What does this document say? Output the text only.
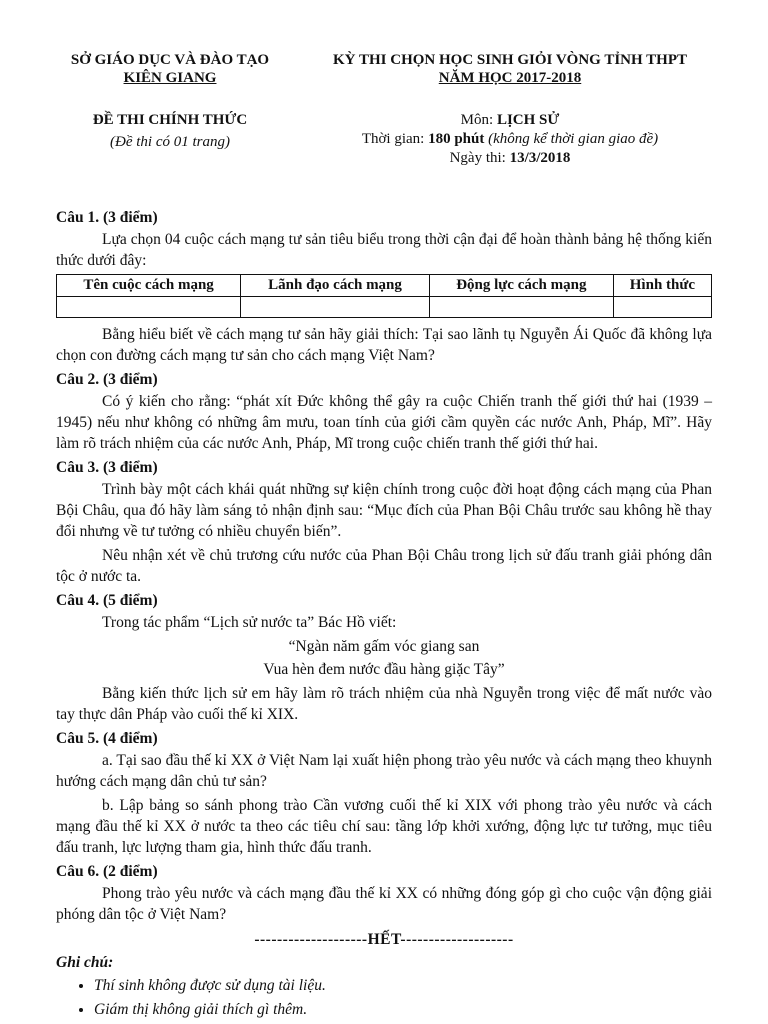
SỞ GIÁO DỤC VÀ ĐÀO TẠO
KIÊN GIANG
ĐỀ THI CHÍNH THỨC
(Đề thi có 01 trang)
KỲ THI CHỌN HỌC SINH GIỎI VÒNG TỈNH THPT
NĂM HỌC 2017-2018
Môn: LỊCH SỬ
Thời gian: 180 phút (không kể thời gian giao đề)
Ngày thi: 13/3/2018
Câu 1. (3 điểm)
Lựa chọn 04 cuộc cách mạng tư sản tiêu biểu trong thời cận đại để hoàn thành bảng hệ thống kiến thức dưới đây:
Tên cuộc cách mạng	Lãnh đạo cách mạng	Động lực cách mạng	Hình thức

Bằng hiểu biết về cách mạng tư sản hãy giải thích: Tại sao lãnh tụ Nguyễn Ái Quốc đã không lựa chọn con đường cách mạng tư sản cho cách mạng Việt Nam?
Câu 2. (3 điểm)
Có ý kiến cho rằng: “phát xít Đức không thể gây ra cuộc Chiến tranh thế giới thứ hai (1939 – 1945) nếu như không có những âm mưu, toan tính của giới cầm quyền các nước Anh, Pháp, Mĩ”. Hãy làm rõ trách nhiệm của các nước Anh, Pháp, Mĩ trong cuộc chiến tranh thế giới thứ hai.
Câu 3. (3 điểm)
Trình bày một cách khái quát những sự kiện chính trong cuộc đời hoạt động cách mạng của Phan Bội Châu, qua đó hãy làm sáng tỏ nhận định sau: “Mục đích của Phan Bội Châu trước sau không hề thay đổi nhưng về tư tưởng có nhiều chuyển biến”.
Nêu nhận xét về chủ trương cứu nước của Phan Bội Châu trong lịch sử đấu tranh giải phóng dân tộc ở nước ta.
Câu 4. (5 điểm)
Trong tác phẩm “Lịch sử nước ta” Bác Hồ viết:
“Ngàn năm gấm vóc giang san
Vua hèn đem nước đầu hàng giặc Tây”
Bằng kiến thức lịch sử em hãy làm rõ trách nhiệm của nhà Nguyễn trong việc để mất nước vào tay thực dân Pháp vào cuối thế kỉ XIX.
Câu 5. (4 điểm)
a. Tại sao đầu thế kỉ XX ở Việt Nam lại xuất hiện phong trào yêu nước và cách mạng theo khuynh hướng cách mạng dân chủ tư sản?
b. Lập bảng so sánh phong trào Cần vương cuối thế kỉ XIX với phong trào yêu nước và cách mạng đầu thế kỉ XX ở nước ta theo các tiêu chí sau: tầng lớp khởi xướng, động lực tư tưởng, mục tiêu đấu tranh, lực lượng tham gia, hình thức đấu tranh.
Câu 6. (2 điểm)
Phong trào yêu nước và cách mạng đầu thế kỉ XX có những đóng góp gì cho cuộc vận động giải phóng dân tộc ở Việt Nam?
--------------------HẾT--------------------
Ghi chú:
• Thí sinh không được sử dụng tài liệu.
• Giám thị không giải thích gì thêm.
